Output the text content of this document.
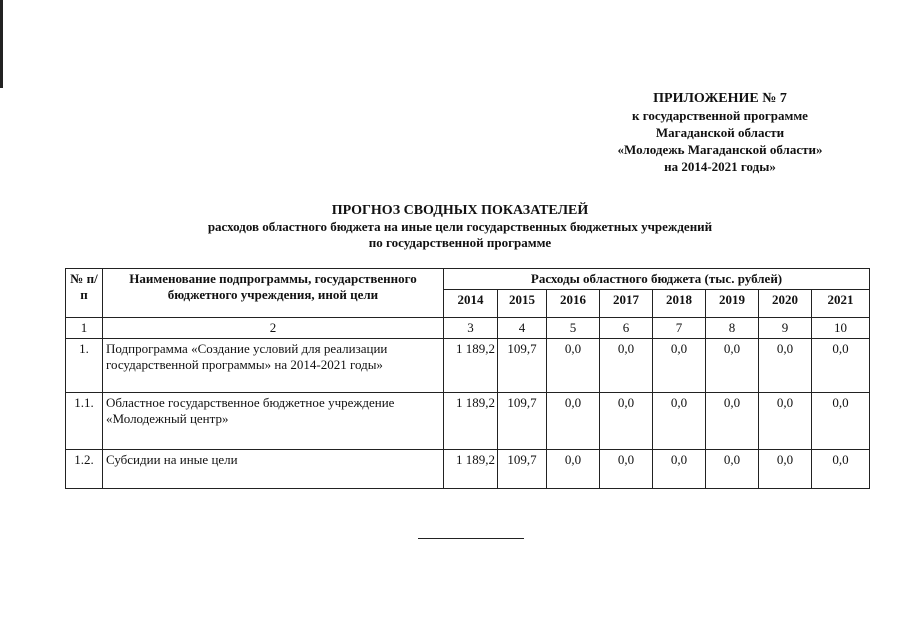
ПРИЛОЖЕНИЕ № 7
к государственной программе
Магаданской области
«Молодежь Магаданской области»
на 2014-2021 годы»
ПРОГНОЗ СВОДНЫХ ПОКАЗАТЕЛЕЙ
расходов областного бюджета на иные цели государственных бюджетных учреждений
по государственной программе
№ п/п	Наименование подпрограммы, государственного бюджетного учреждения, иной цели	Расходы областного бюджета (тыс. рублей)							
		2014	2015	2016	2017	2018	2019	2020	2021
1	2	3	4	5	6	7	8	9	10
1.	Подпрограмма «Создание условий для реализации государственной программы» на 2014-2021 годы»	1 189,2	109,7	0,0	0,0	0,0	0,0	0,0	0,0
1.1.	Областное государственное бюджетное учреждение «Молодежный центр»	1 189,2	109,7	0,0	0,0	0,0	0,0	0,0	0,0
1.2.	Субсидии на иные цели	1 189,2	109,7	0,0	0,0	0,0	0,0	0,0	0,0
